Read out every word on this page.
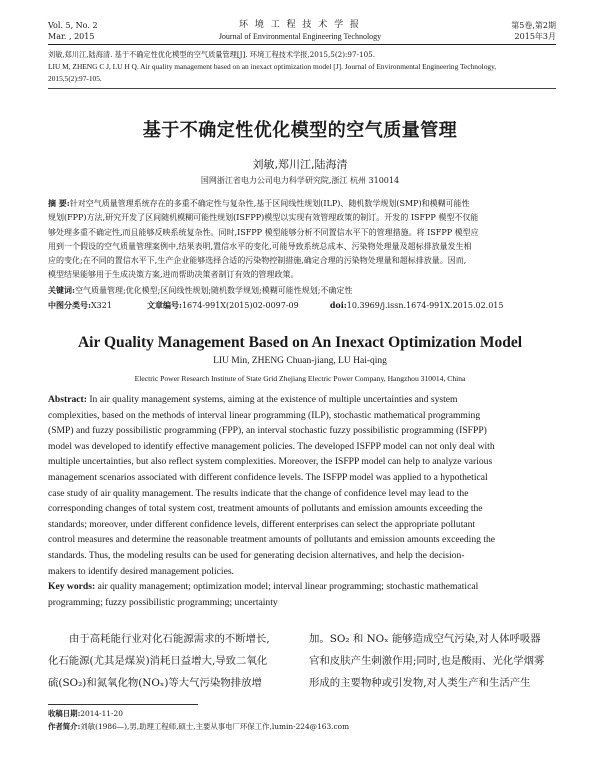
Vol. 5, No. 2
Mar. , 2015
环 境 工 程 技 术 学 报
Journal of Environmental Engineering Technology
第5卷,第2期
2015年3月
刘敏,郑川江,陆海清. 基于不确定性优化模型的空气质量管理[J]. 环境工程技术学报,2015,5(2):97-105.
LIU M, ZHENG C J, LU H Q. Air quality management based on an inexact optimization model [J]. Journal of Environmental Engineering Technology,
2015,5(2):97-105.
基于不确定性优化模型的空气质量管理
刘敏,郑川江,陆海清
国网浙江省电力公司电力科学研究院,浙江 杭州 310014
摘 要:针对空气质量管理系统存在的多重不确定性与复杂性,基于区间线性规划(ILP)、随机数学规划(SMP)和模糊可能性
规划(FPP)方法,研究开发了区间随机模糊可能性规划(ISFPP)模型以实现有效管理政策的制订。开发的 ISFPP 模型不仅能
够处理多重不确定性,而且能够反映系统复杂性。同时,ISFPP 模型能够分析不同置信水平下的管理措施。将 ISFPP 模型应
用到一个假设的空气质量管理案例中,结果表明,置信水平的变化,可能导致系统总成本、污染物处理量及超标排放量发生相
应的变化;在不同的置信水平下,生产企业能够选择合适的污染物控制措施,确定合理的污染物处理量和超标排放量。因而,
模型结果能够用于生成决策方案,进而帮助决策者制订有效的管理政策。
关键词:空气质量管理;优化模型;区间线性规划;随机数学规划;模糊可能性规划;不确定性
中图分类号:X321	文章编号:1674-991X(2015)02-0097-09	doi:10.3969/j.issn.1674-991X.2015.02.015
Air Quality Management Based on An Inexact Optimization Model
LIU Min, ZHENG Chuan-jiang, LU Hai-qing
Electric Power Research Institute of State Grid Zhejiang Electric Power Company, Hangzhou 310014, China
Abstract: In air quality management systems, aiming at the existence of multiple uncertainties and system
complexities, based on the methods of interval linear programming (ILP), stochastic mathematical programming
(SMP) and fuzzy possibilistic programming (FPP), an interval stochastic fuzzy possibilistic programming (ISFPP)
model was developed to identify effective management policies. The developed ISFPP model can not only deal with
multiple uncertainties, but also reflect system complexities. Moreover, the ISFPP model can help to analyze various
management scenarios associated with different confidence levels. The ISFPP model was applied to a hypothetical
case study of air quality management. The results indicate that the change of confidence level may lead to the
corresponding changes of total system cost, treatment amounts of pollutants and emission amounts exceeding the
standards; moreover, under different confidence levels, different enterprises can select the appropriate pollutant
control measures and determine the reasonable treatment amounts of pollutants and emission amounts exceeding the
standards. Thus, the modeling results can be used for generating decision alternatives, and help the decision-
makers to identify desired management policies.
Key words: air quality management; optimization model; interval linear programming; stochastic mathematical
programming; fuzzy possibilistic programming; uncertainty
由于高耗能行业对化石能源需求的不断增长,
化石能源(尤其是煤炭)消耗日益增大,导致二氧化
硫(SO₂)和氮氧化物(NOₓ)等大气污染物排放增
加。SO₂ 和 NOₓ 能够造成空气污染,对人体呼吸器
官和皮肤产生刺激作用;同时,也是酸雨、光化学烟雾
形成的主要物种或引发物,对人类生产和生活产生
收稿日期:2014-11-20
作者简介:刘敏(1986—),男,助理工程师,硕士,主要从事电厂环保工作,lumin-224@163.com
